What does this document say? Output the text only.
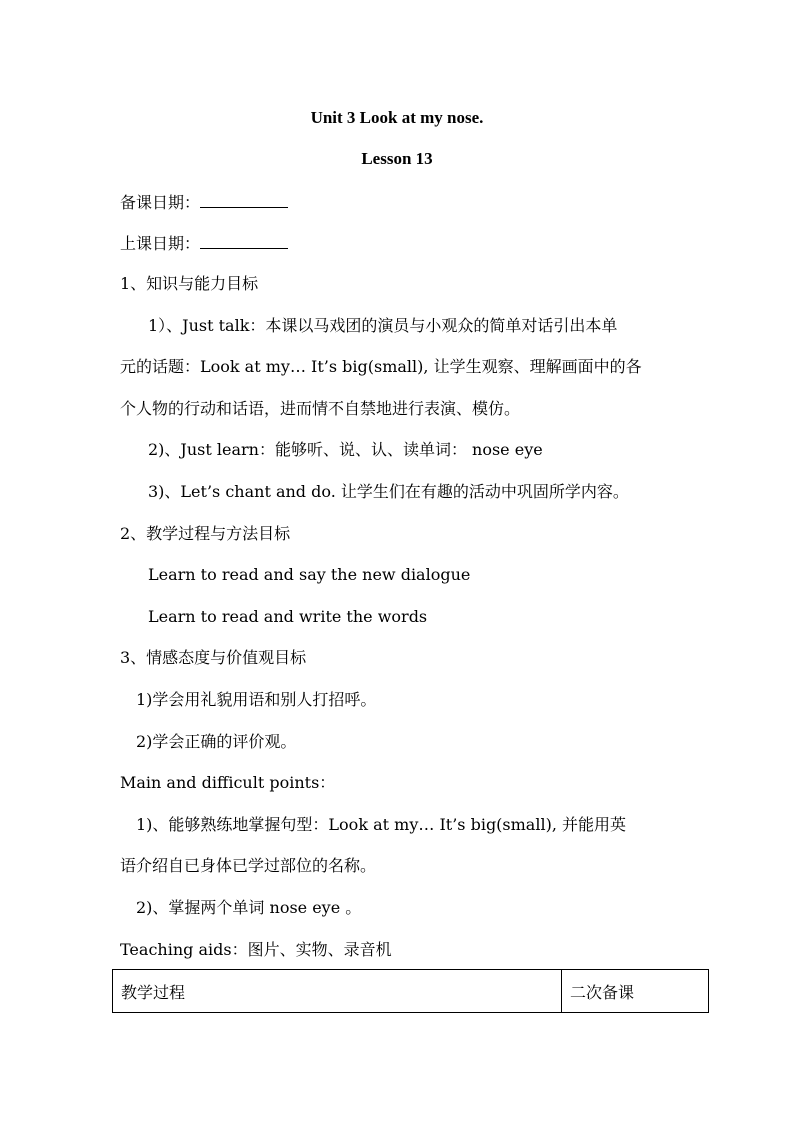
Unit 3 Look at my nose.
Lesson 13
备课日期：
上课日期：
1、知识与能力目标
1）、Just talk：本课以马戏团的演员与小观众的简单对话引出本单
元的话题：Look at my… It’s big(small), 让学生观察、理解画面中的各
个人物的行动和话语，进而情不自禁地进行表演、模仿。
2)、Just learn：能够听、说、认、读单词： nose eye
3)、Let’s chant and do. 让学生们在有趣的活动中巩固所学内容。
2、教学过程与方法目标
Learn to read and say the new dialogue
Learn to read and write the words
3、情感态度与价值观目标
1)学会用礼貌用语和别人打招呼。
2)学会正确的评价观。
Main and difficult points：
1)、能够熟练地掌握句型：Look at my… It’s big(small), 并能用英
语介绍自已身体已学过部位的名称。
2)、掌握两个单词 nose eye 。
Teaching aids：图片、实物、录音机
教学过程	二次备课
